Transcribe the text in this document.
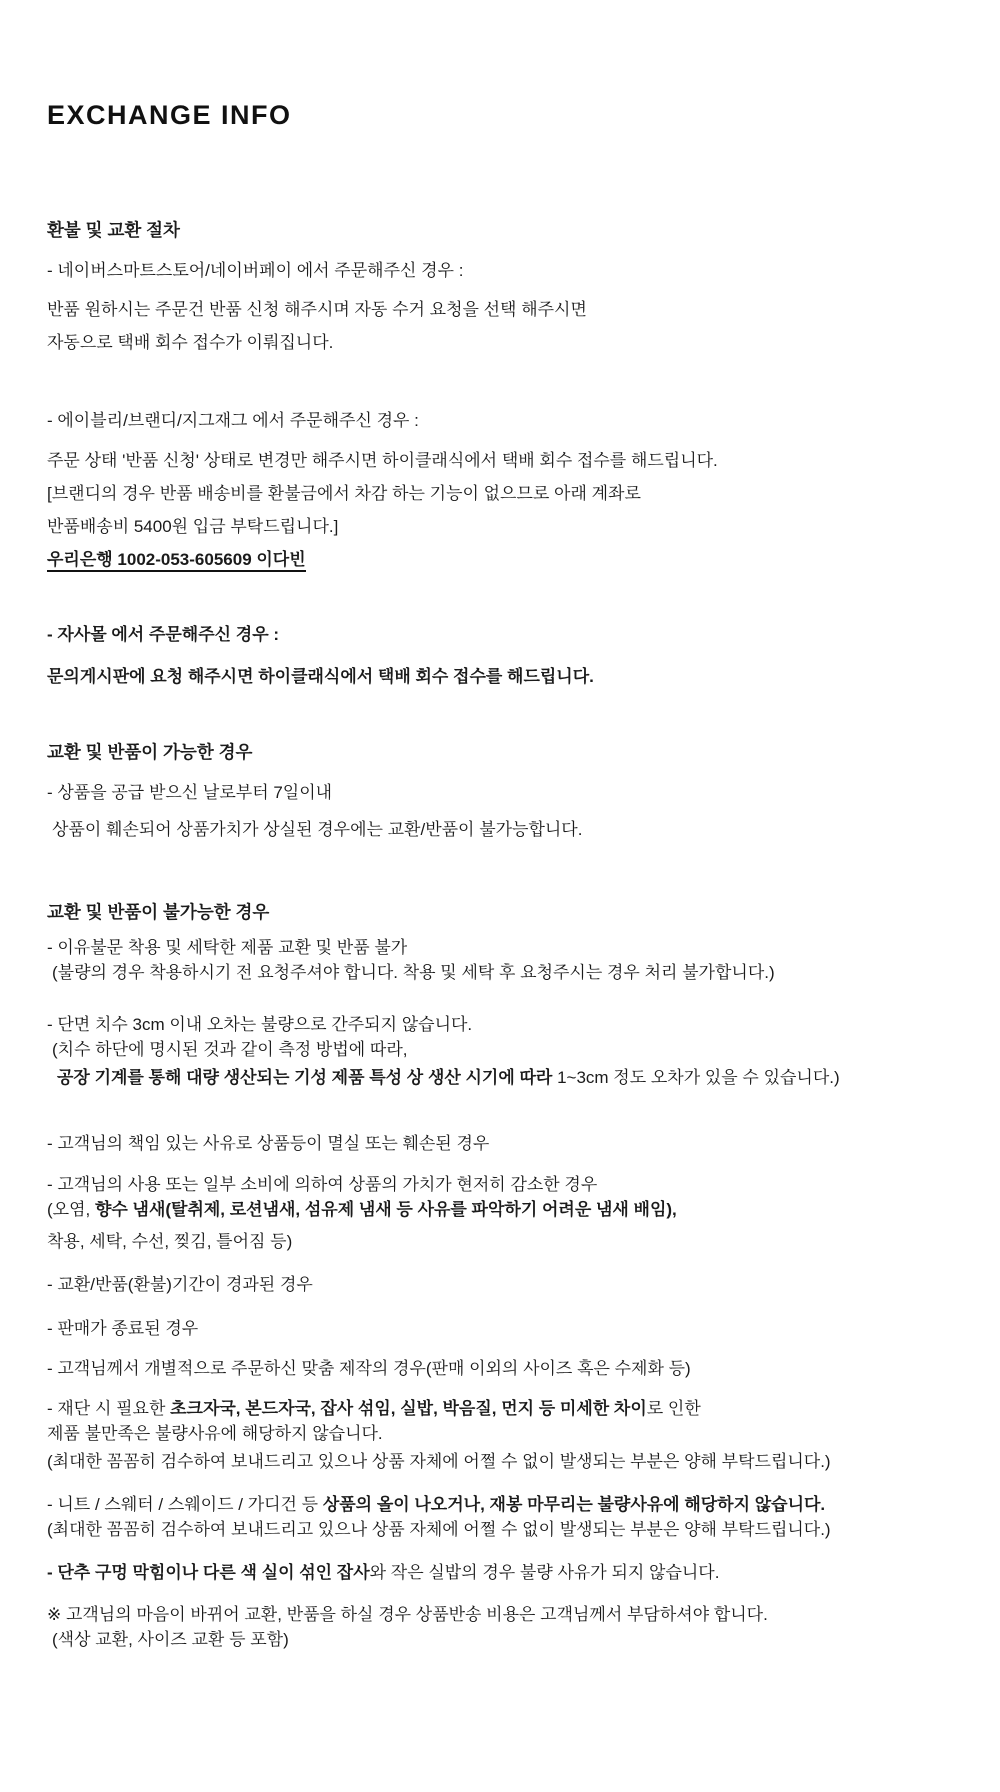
EXCHANGE INFO
환불 및 교환 절차

- 네이버스마트스토어/네이버페이 에서 주문해주신 경우 :

반품 원하시는 주문건 반품 신청 해주시며 자동 수거 요청을 선택 해주시면

자동으로 택배 회수 접수가 이뤄집니다.

- 에이블리/브랜디/지그재그 에서 주문해주신 경우 :

주문 상태 '반품 신청' 상태로 변경만 해주시면 하이클래식에서 택배 회수 접수를 해드립니다.

[브랜디의 경우 반품 배송비를 환불금에서 차감 하는 기능이 없으므로 아래 계좌로

반품배송비 5400원 입금 부탁드립니다.]

우리은행 1002-053-605609 이다빈

- 자사몰 에서 주문해주신 경우 :

문의게시판에 요청 해주시면 하이클래식에서 택배 회수 접수를 해드립니다.

교환 및 반품이 가능한 경우

- 상품을 공급 받으신 날로부터 7일이내

상품이 훼손되어 상품가치가 상실된 경우에는 교환/반품이 불가능합니다.

교환 및 반품이 불가능한 경우

- 이유불문 착용 및 세탁한 제품 교환 및 반품 불가

(불량의 경우 착용하시기 전 요청주셔야 합니다. 착용 및 세탁 후 요청주시는 경우 처리 불가합니다.)

- 단면 치수 3cm 이내 오차는 불량으로 간주되지 않습니다.

(치수 하단에 명시된 것과 같이 측정 방법에 따라,

공장 기계를 통해 대량 생산되는 기성 제품 특성 상 생산 시기에 따라 1~3cm 정도 오차가 있을 수 있습니다.)

- 고객님의 책임 있는 사유로 상품등이 멸실 또는 훼손된 경우

- 고객님의 사용 또는 일부 소비에 의하여 상품의 가치가 현저히 감소한 경우

(오염, 향수 냄새(탈취제, 로션냄새, 섬유제 냄새 등 사유를 파악하기 어려운 냄새 배임),

착용, 세탁, 수선, 찢김, 틀어짐 등)

- 교환/반품(환불)기간이 경과된 경우

- 판매가 종료된 경우

- 고객님께서 개별적으로 주문하신 맞춤 제작의 경우(판매 이외의 사이즈 혹은 수제화 등)

- 재단 시 필요한 초크자국, 본드자국, 잡사 섞임, 실밥, 박음질, 먼지 등 미세한 차이로 인한

제품 불만족은 불량사유에 해당하지 않습니다.

(최대한 꼼꼼히 검수하여 보내드리고 있으나 상품 자체에 어쩔 수 없이 발생되는 부분은 양해 부탁드립니다.)

- 니트 / 스웨터 / 스웨이드 / 가디건 등 상품의 올이 나오거나, 재봉 마무리는 불량사유에 해당하지 않습니다.

(최대한 꼼꼼히 검수하여 보내드리고 있으나 상품 자체에 어쩔 수 없이 발생되는 부분은 양해 부탁드립니다.)

- 단추 구멍 막힘이나 다른 색 실이 섞인 잡사와 작은 실밥의 경우 불량 사유가 되지 않습니다.

※ 고객님의 마음이 바뀌어 교환, 반품을 하실 경우 상품반송 비용은 고객님께서 부담하셔야 합니다.

(색상 교환, 사이즈 교환 등 포함)
